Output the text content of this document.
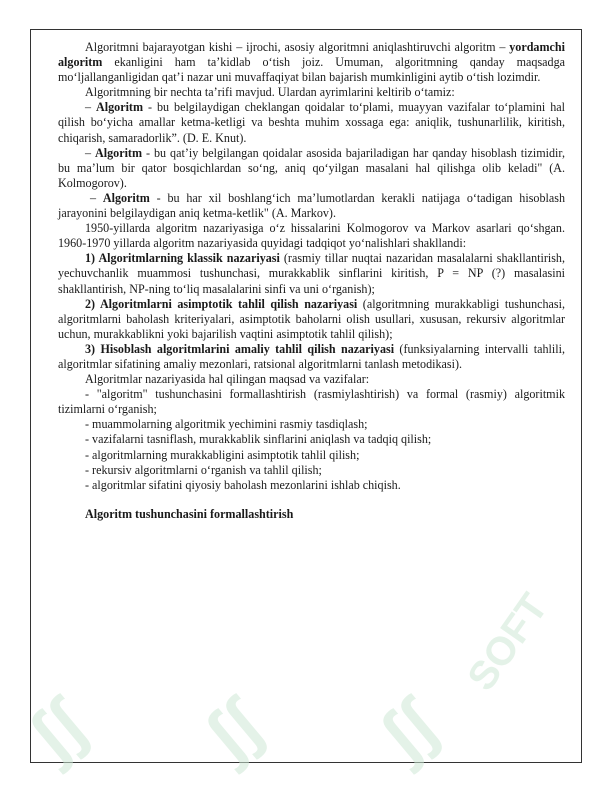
ʃʃ ʃʃ ʃʃ
SOFT

Algoritmni bajarayotgan kishi – ijrochi, asosiy algoritmni aniqlashtiruvchi algoritm – yordamchi algoritm ekanligini ham ta’kidlab o‘tish joiz. Umuman, algoritmning qanday maqsadga mo‘ljallanganligidan qat’i nazar uni muvaffaqiyat bilan bajarish mumkinligini aytib o‘tish lozimdir.

Algoritmning bir nechta ta’rifi mavjud. Ulardan ayrimlarini keltirib o‘tamiz:

– Algoritm - bu belgilaydigan cheklangan qoidalar to‘plami, muayyan vazifalar to‘plamini hal qilish bo‘yicha amallar ketma-ketligi va beshta muhim xossaga ega: aniqlik, tushunarlilik, kiritish, chiqarish, samaradorlik”. (D. E. Knut).

– Algoritm - bu qat’iy belgilangan qoidalar asosida bajariladigan har qanday hisoblash tizimidir, bu ma’lum bir qator bosqichlardan so‘ng, aniq qo‘yilgan masalani hal qilishga olib keladi" (A. Kolmogorov).

– Algoritm - bu har xil boshlang‘ich ma’lumotlardan kerakli natijaga o‘tadigan hisoblash jarayonini belgilaydigan aniq ketma-ketlik" (A. Markov).

1950-yillarda algoritm nazariyasiga o‘z hissalarini Kolmogorov va Markov asarlari qo‘shgan. 1960-1970 yillarda algoritm nazariyasida quyidagi tadqiqot yo‘nalishlari shakllandi:

1) Algoritmlarning klassik nazariyasi (rasmiy tillar nuqtai nazaridan masalalarni shakllantirish, yechuvchanlik muammosi tushunchasi, murakkablik sinflarini kiritish, P = NP (?) masalasini shakllantirish, NP-ning to‘liq masalalarini sinfi va uni o‘rganish);

2) Algoritmlarni asimptotik tahlil qilish nazariyasi (algoritmning murakkabligi tushunchasi, algoritmlarni baholash kriteriyalari, asimptotik baholarni olish usullari, xususan, rekursiv algoritmlar uchun, murakkablikni yoki bajarilish vaqtini asimptotik tahlil qilish);

3) Hisoblash algoritmlarini amaliy tahlil qilish nazariyasi (funksiyalarning intervalli tahlili, algoritmlar sifatining amaliy mezonlari, ratsional algoritmlarni tanlash metodikasi).

Algoritmlar nazariyasida hal qilingan maqsad va vazifalar:

- "algoritm" tushunchasini formallashtirish (rasmiylashtirish) va formal (rasmiy) algoritmik tizimlarni o‘rganish;

- muammolarning algoritmik yechimini rasmiy tasdiqlash;

- vazifalarni tasniflash, murakkablik sinflarini aniqlash va tadqiq qilish;

- algoritmlarning murakkabligini asimptotik tahlil qilish;

- rekursiv algoritmlarni o‘rganish va tahlil qilish;

- algoritmlar sifatini qiyosiy baholash mezonlarini ishlab chiqish.

Algoritm tushunchasini formallashtirish
